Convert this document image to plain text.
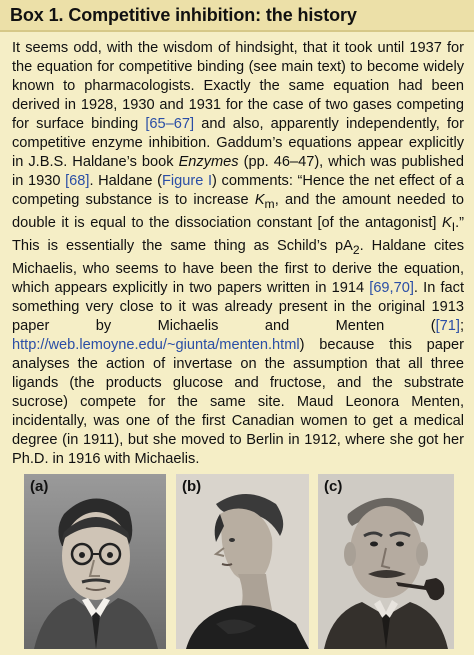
Box 1. Competitive inhibition: the history
It seems odd, with the wisdom of hindsight, that it took until 1937 for the equation for competitive binding (see main text) to become widely known to pharmacologists. Exactly the same equation had been derived in 1928, 1930 and 1931 for the case of two gases competing for surface binding [65–67] and also, apparently independently, for competitive enzyme inhibition. Gaddum’s equations appear explicitly in J.B.S. Haldane’s book Enzymes (pp. 46–47), which was published in 1930 [68]. Haldane (Figure I) comments: “Hence the net effect of a competing substance is to increase $K_m$, and the amount needed to double it is equal to the dissociation constant [of the antagonist] $K_I$.” This is essentially the same thing as Schild’s $pA_2$. Haldane cites Michaelis, who seems to have been the first to derive the equation, which appears explicitly in two papers written in 1914 [69,70]. In fact something very close to it was already present in the original 1913 paper by Michaelis and Menten ([71]; http://web.lemoyne.edu/~giunta/menten.html) because this paper analyses the action of invertase on the assumption that all three ligands (the products glucose and fructose, and the substrate sucrose) compete for the same site. Maud Leonora Menten, incidentally, was one of the first Canadian women to get a medical degree (in 1911), but she moved to Berlin in 1912, where she got her Ph.D. in 1916 with Michaelis.
(a)	(b)	(c)
